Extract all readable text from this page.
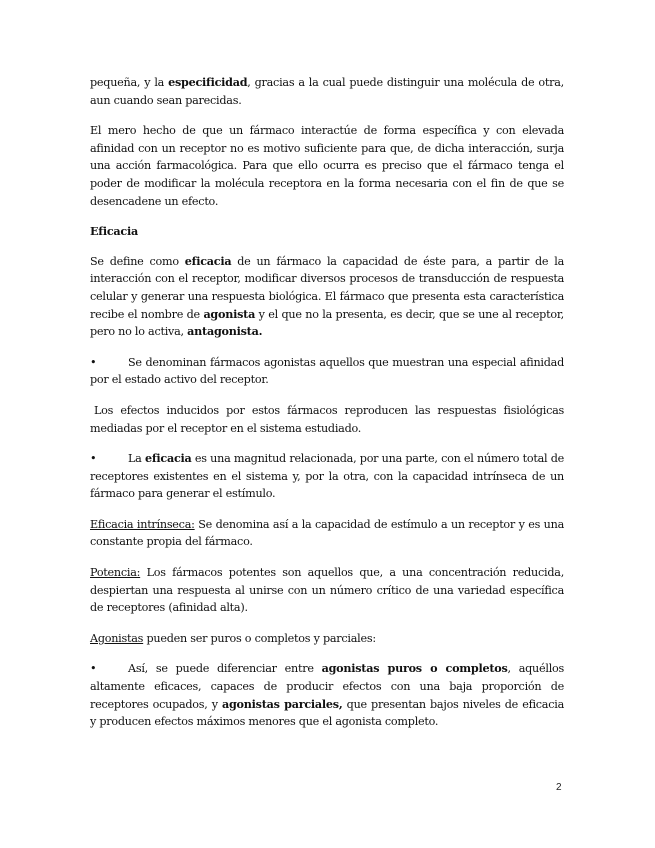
pequeña, y la especificidad, gracias a la cual puede distinguir una molécula de otra, aun cuando sean parecidas.

El mero hecho de que un fármaco interactúe de forma específica y con elevada afinidad con un receptor no es motivo suficiente para que, de dicha interacción, surja una acción farmacológica. Para que ello ocurra es preciso que el fármaco tenga el poder de modificar la molécula receptora en la forma necesaria con el fin de que se desencadene un efecto.

Eficacia

Se define como eficacia de un fármaco la capacidad de éste para, a partir de la interacción con el receptor, modificar diversos procesos de transducción de respuesta celular y generar una respuesta biológica. El fármaco que presenta esta característica recibe el nombre de agonista y el que no la presenta, es decir, que se une al receptor, pero no lo activa, antagonista.

•	Se denominan fármacos agonistas aquellos que muestran una especial afinidad por el estado activo del receptor.

Los efectos inducidos por estos fármacos reproducen las respuestas fisiológicas mediadas por el receptor en el sistema estudiado.

•	La eficacia es una magnitud relacionada, por una parte, con el número total de receptores existentes en el sistema y, por la otra, con la capacidad intrínseca de un fármaco para generar el estímulo.

Eficacia intrínseca: Se denomina así a la capacidad de estímulo a un receptor y es una constante propia del fármaco.

Potencia: Los fármacos potentes son aquellos que, a una concentración reducida, despiertan una respuesta al unirse con un número crítico de una variedad específica de receptores (afinidad alta).

Agonistas pueden ser puros o completos y parciales:

•	Así, se puede diferenciar entre agonistas puros o completos, aquéllos altamente eficaces, capaces de producir efectos con una baja proporción de receptores ocupados, y agonistas parciales, que presentan bajos niveles de eficacia y producen efectos máximos menores que el agonista completo.

2
